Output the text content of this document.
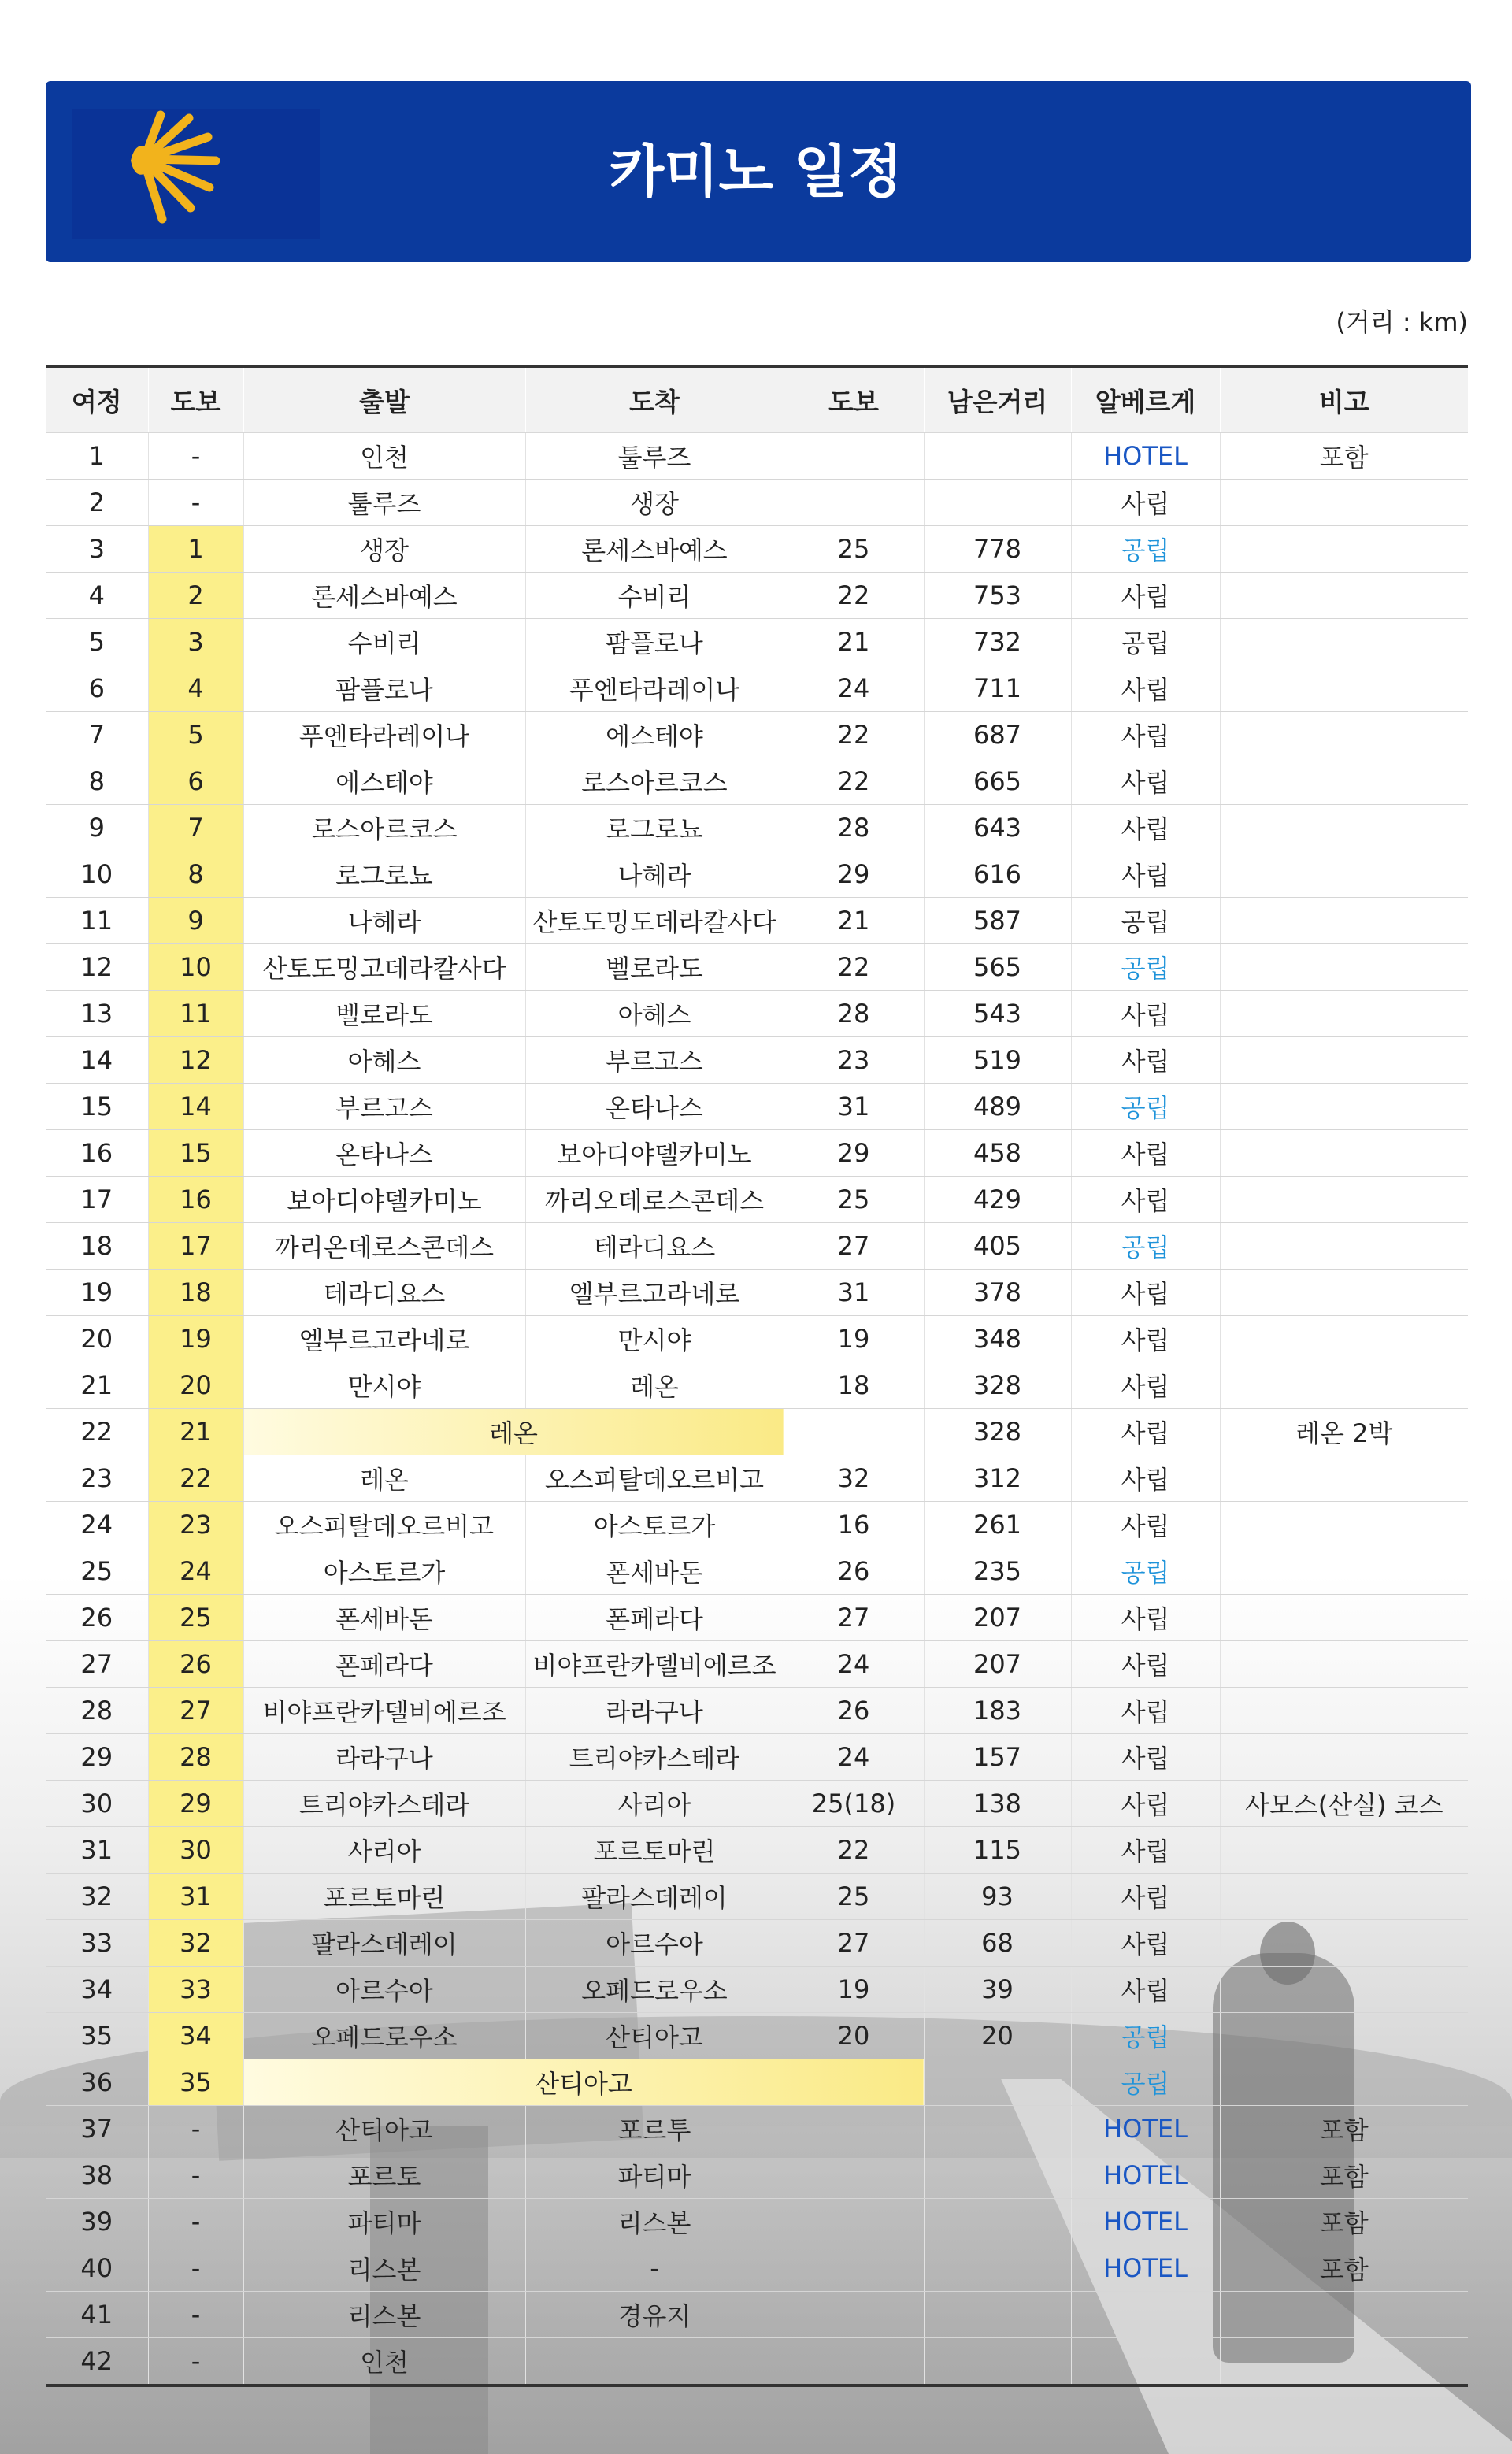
카미노 일정
(거리 : km)
여정	도보	출발	도착	도보	남은거리	알베르게	비고
1	-	인천	툴루즈			HOTEL	포함
2	-	툴루즈	생장			사립	
3	1	생장	론세스바예스	25	778	공립	
4	2	론세스바예스	수비리	22	753	사립	
5	3	수비리	팜플로나	21	732	공립	
6	4	팜플로나	푸엔타라레이나	24	711	사립	
7	5	푸엔타라레이나	에스테야	22	687	사립	
8	6	에스테야	로스아르코스	22	665	사립	
9	7	로스아르코스	로그로뇨	28	643	사립	
10	8	로그로뇨	나헤라	29	616	사립	
11	9	나헤라	산토도밍도데라칼사다	21	587	공립	
12	10	산토도밍고데라칼사다	벨로라도	22	565	공립	
13	11	벨로라도	아헤스	28	543	사립	
14	12	아헤스	부르고스	23	519	사립	
15	14	부르고스	온타나스	31	489	공립	
16	15	온타나스	보아디야델카미노	29	458	사립	
17	16	보아디야델카미노	까리오데로스콘데스	25	429	사립	
18	17	까리온데로스콘데스	테라디요스	27	405	공립	
19	18	테라디요스	엘부르고라네로	31	378	사립	
20	19	엘부르고라네로	만시야	19	348	사립	
21	20	만시야	레온	18	328	사립	
22	21	레온			328	사립	레온 2박
23	22	레온	오스피탈데오르비고	32	312	사립	
24	23	오스피탈데오르비고	아스토르가	16	261	사립	
25	24	아스토르가	폰세바돈	26	235	공립	
26	25	폰세바돈	폰페라다	27	207	사립	
27	26	폰페라다	비야프란카델비에르조	24	207	사립	
28	27	비야프란카델비에르조	라라구나	26	183	사립	
29	28	라라구나	트리야카스테라	24	157	사립	
30	29	트리야카스테라	사리아	25(18)	138	사립	사모스(산실) 코스
31	30	사리아	포르토마린	22	115	사립	
32	31	포르토마린	팔라스데레이	25	93	사립	
33	32	팔라스데레이	아르수아	27	68	사립	
34	33	아르수아	오페드로우소	19	39	사립	
35	34	오페드로우소	산티아고	20	20	공립	
36	35	산티아고				공립	
37	-	산티아고	포르투			HOTEL	포함
38	-	포르토	파티마			HOTEL	포함
39	-	파티마	리스본			HOTEL	포함
40	-	리스본	-			HOTEL	포함
41	-	리스본	경유지				
42	-	인천					
